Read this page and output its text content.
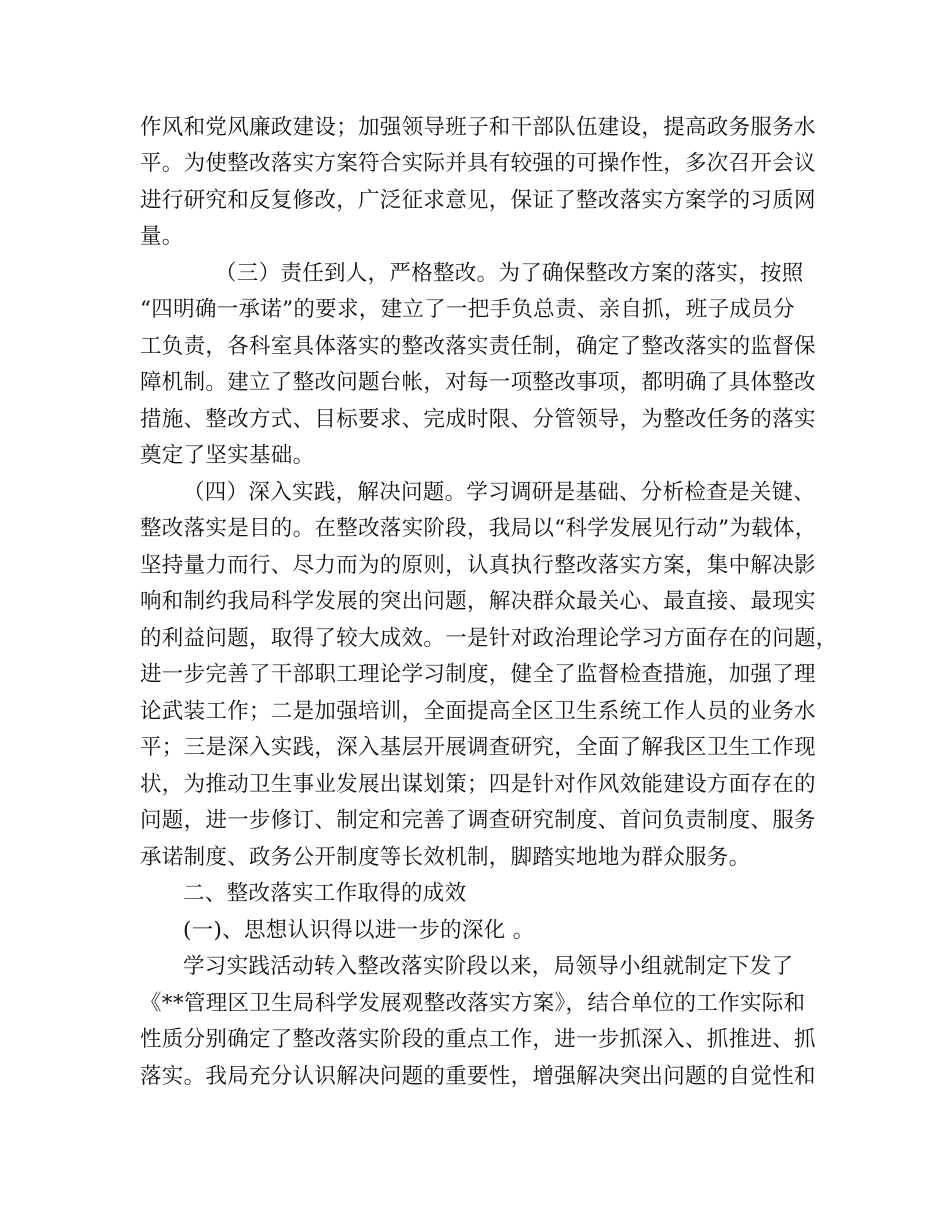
作风和党风廉政建设；加强领导班子和干部队伍建设，提高政务服务水
平。为使整改落实方案符合实际并具有较强的可操作性，多次召开会议
进行研究和反复修改，广泛征求意见，保证了整改落实方案学的习质网
量。
（三）责任到人，严格整改。为了确保整改方案的落实，按照
“四明确一承诺”的要求，建立了一把手负总责、亲自抓，班子成员分
工负责，各科室具体落实的整改落实责任制，确定了整改落实的监督保
障机制。建立了整改问题台帐，对每一项整改事项，都明确了具体整改
措施、整改方式、目标要求、完成时限、分管领导，为整改任务的落实
奠定了坚实基础。
（四）深入实践，解决问题。学习调研是基础、分析检查是关键、
整改落实是目的。在整改落实阶段，我局以“科学发展见行动”为载体，
坚持量力而行、尽力而为的原则，认真执行整改落实方案，集中解决影
响和制约我局科学发展的突出问题，解决群众最关心、最直接、最现实
的利益问题，取得了较大成效。一是针对政治理论学习方面存在的问题，
进一步完善了干部职工理论学习制度，健全了监督检查措施，加强了理
论武装工作；二是加强培训，全面提高全区卫生系统工作人员的业务水
平；三是深入实践，深入基层开展调查研究，全面了解我区卫生工作现
状，为推动卫生事业发展出谋划策；四是针对作风效能建设方面存在的
问题，进一步修订、制定和完善了调查研究制度、首问负责制度、服务
承诺制度、政务公开制度等长效机制，脚踏实地地为群众服务。
二、整改落实工作取得的成效
(一)、思想认识得以进一步的深化 。
学习实践活动转入整改落实阶段以来，局领导小组就制定下发了
《**管理区卫生局科学发展观整改落实方案》，结合单位的工作实际和
性质分别确定了整改落实阶段的重点工作，进一步抓深入、抓推进、抓
落实。我局充分认识解决问题的重要性，增强解决突出问题的自觉性和
